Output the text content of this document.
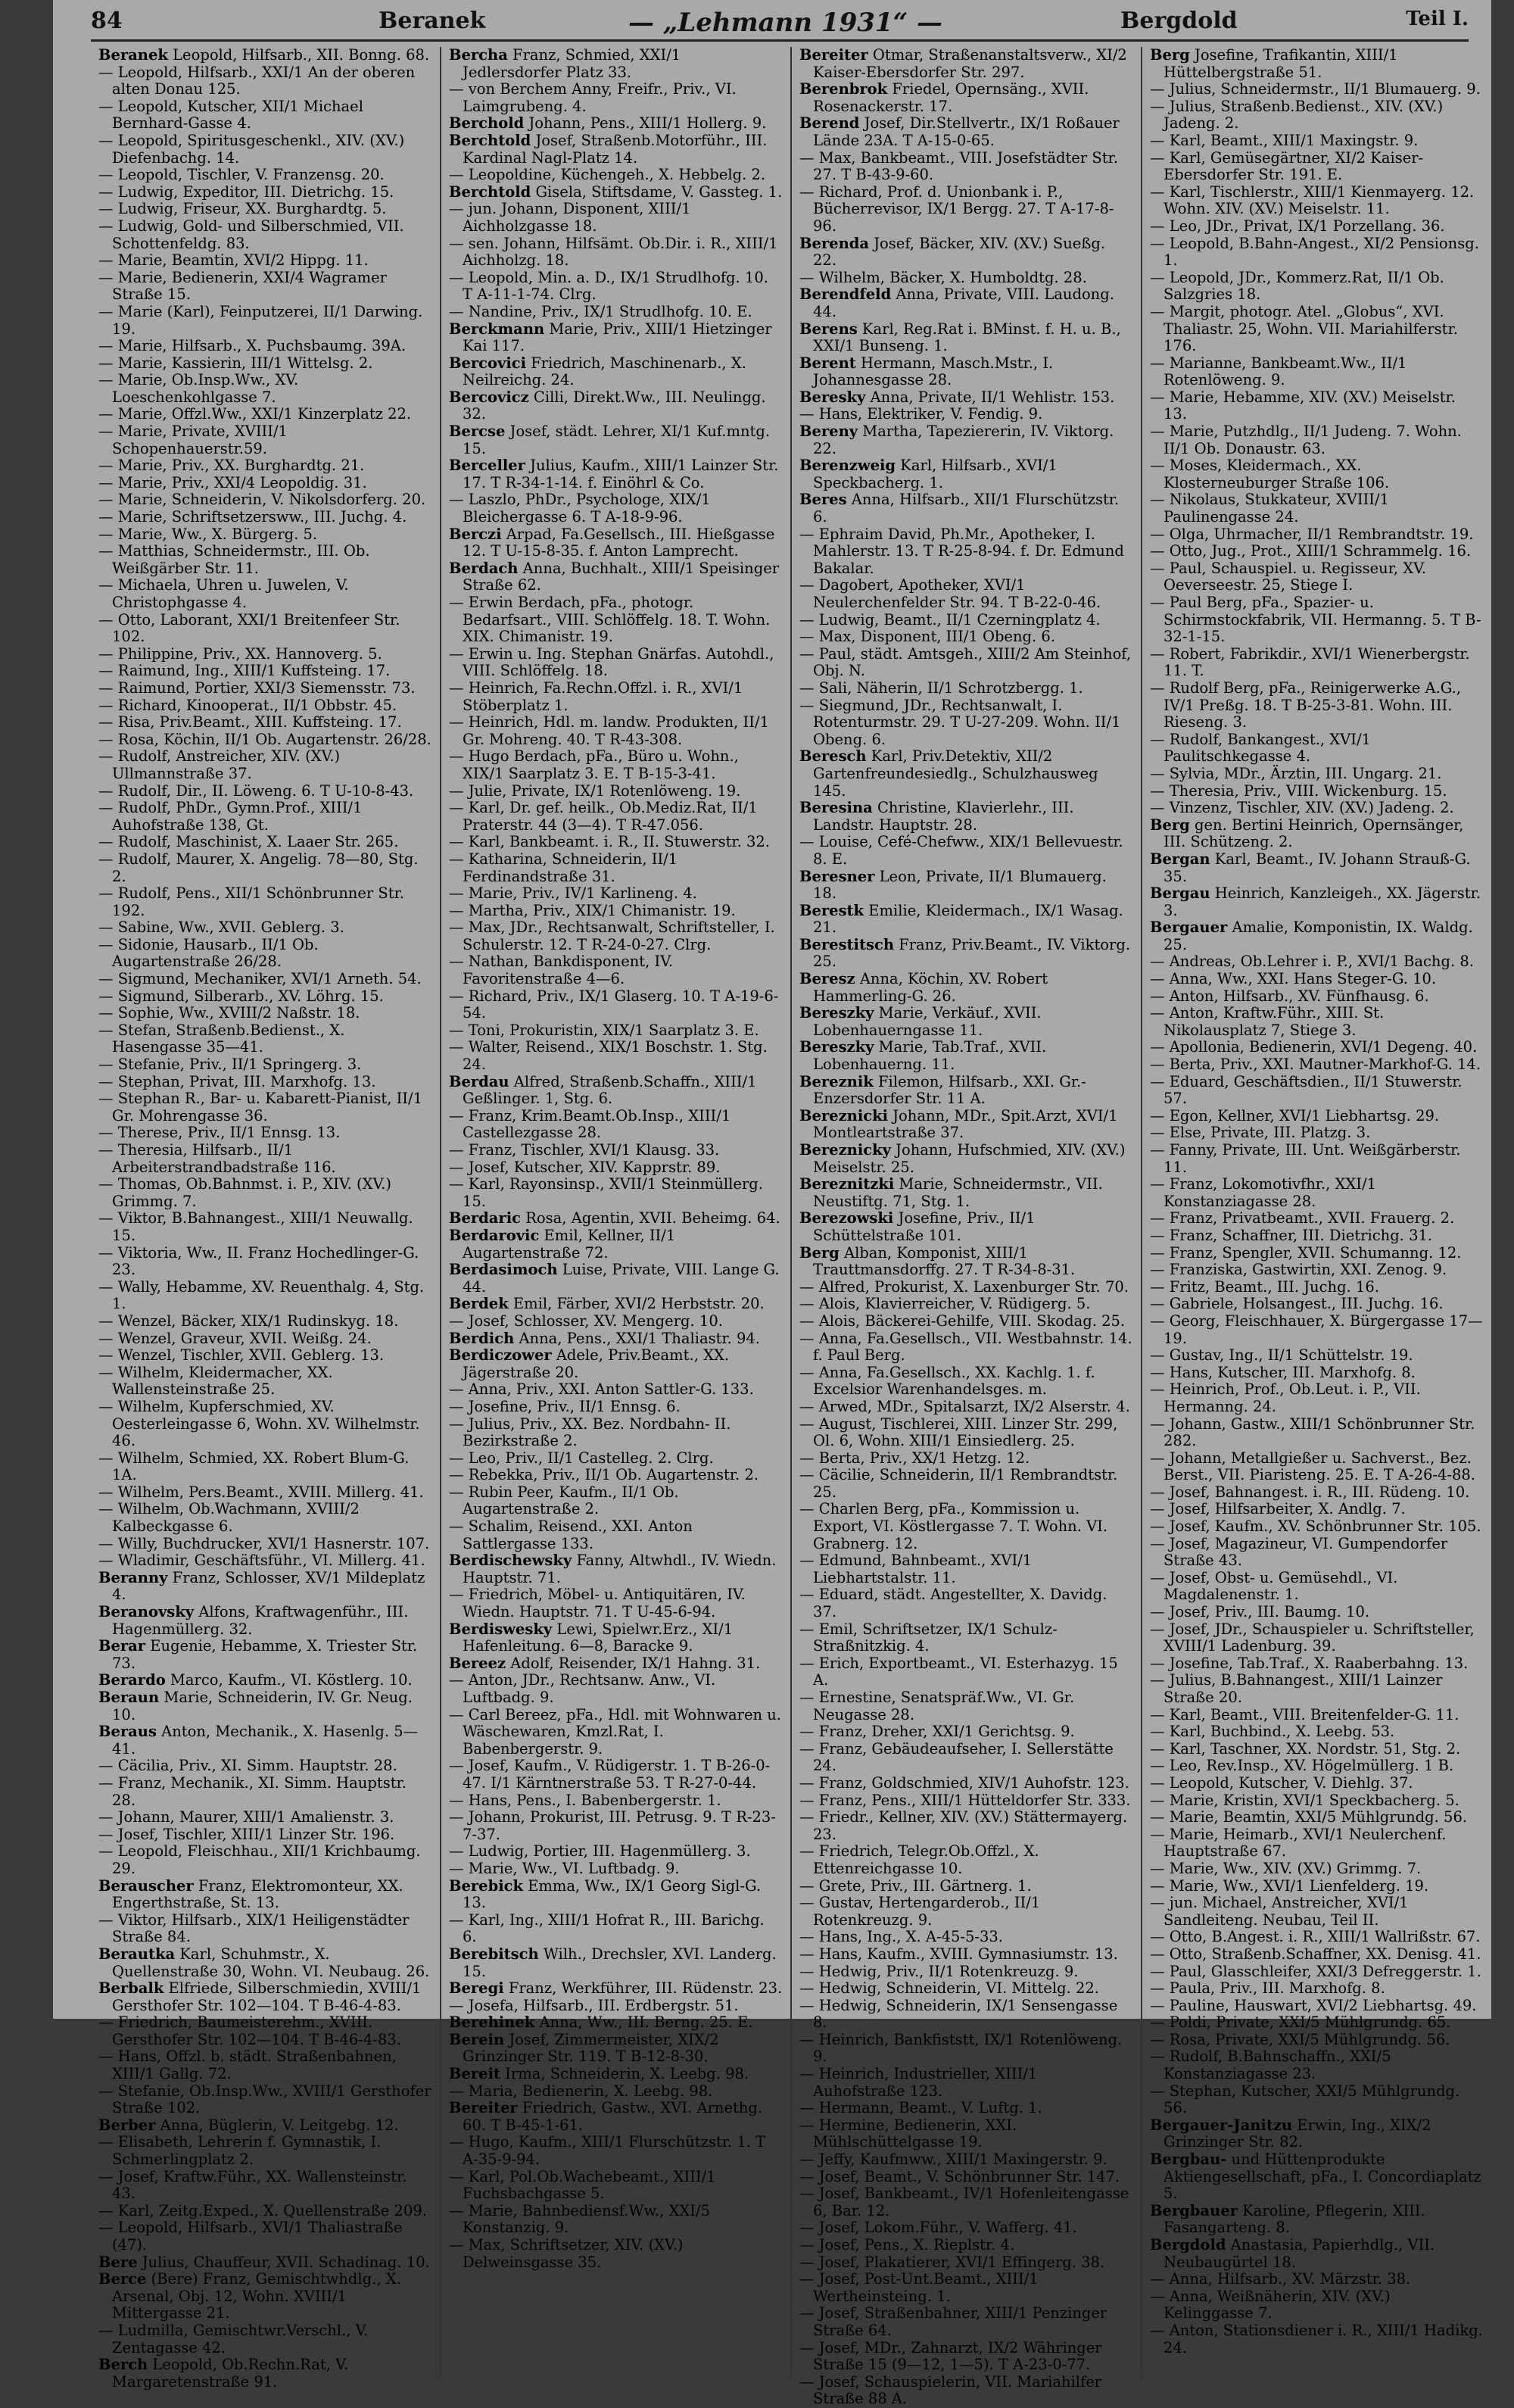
84	Beranek	— „Lehmann 1931“ —	Bergdold	Teil I.
Beranek Leopold, Hilfsarb., XII. Bonng. 68.
— Leopold, Hilfsarb., XXI/1 An der oberen alten Donau 125.
— Leopold, Kutscher, XII/1 Michael Bernhard-Gasse 4.
— Leopold, Spiritusgeschenkl., XIV. (XV.) Diefenbachg. 14.
— Leopold, Tischler, V. Franzensg. 20.
— Ludwig, Expeditor, III. Dietrichg. 15.
— Ludwig, Friseur, XX. Burghardtg. 5.
— Ludwig, Gold- und Silberschmied, VII. Schottenfeldg. 83.
— Marie, Beamtin, XVI/2 Hippg. 11.
— Marie, Bedienerin, XXI/4 Wagramer Straße 15.
— Marie (Karl), Feinputzerei, II/1 Darwing. 19.
— Marie, Hilfsarb., X. Puchsbaumg. 39A.
— Marie, Kassierin, III/1 Wittelsg. 2.
— Marie, Ob.Insp.Ww., XV. Loeschenkohlgasse 7.
— Marie, Offzl.Ww., XXI/1 Kinzerplatz 22.
— Marie, Private, XVIII/1 Schopenhauerstr.59.
— Marie, Priv., XX. Burghardtg. 21.
— Marie, Priv., XXI/4 Leopoldig. 31.
— Marie, Schneiderin, V. Nikolsdorferg. 20.
— Marie, Schriftsetzersww., III. Juchg. 4.
— Marie, Ww., X. Bürgerg. 5.
— Matthias, Schneidermstr., III. Ob. Weißgärber Str. 11.
— Michaela, Uhren u. Juwelen, V. Christophgasse 4.
— Otto, Laborant, XXI/1 Breitenfeer Str. 102.
— Philippine, Priv., XX. Hannoverg. 5.
— Raimund, Ing., XIII/1 Kuffsteing. 17.
— Raimund, Portier, XXI/3 Siemensstr. 73.
— Richard, Kinooperat., II/1 Obbstr. 45.
— Risa, Priv.Beamt., XIII. Kuffsteing. 17.
— Rosa, Köchin, II/1 Ob. Augartenstr. 26/28.
— Rudolf, Anstreicher, XIV. (XV.) Ullmannstraße 37.
— Rudolf, Dir., II. Löweng. 6. T U-10-8-43.
— Rudolf, PhDr., Gymn.Prof., XIII/1 Auhofstraße 138, Gt.
— Rudolf, Maschinist, X. Laaer Str. 265.
— Rudolf, Maurer, X. Angelig. 78—80, Stg. 2.
— Rudolf, Pens., XII/1 Schönbrunner Str. 192.
— Sabine, Ww., XVII. Geblerg. 3.
— Sidonie, Hausarb., II/1 Ob. Augartenstraße 26/28.
— Sigmund, Mechaniker, XVI/1 Arneth. 54.
— Sigmund, Silberarb., XV. Löhrg. 15.
— Sophie, Ww., XVIII/2 Naßstr. 18.
— Stefan, Straßenb.Bedienst., X. Hasengasse 35—41.
— Stefanie, Priv., II/1 Springerg. 3.
— Stephan, Privat, III. Marxhofg. 13.
— Stephan R., Bar- u. Kabarett-Pianist, II/1 Gr. Mohrengasse 36.
— Therese, Priv., II/1 Ennsg. 13.
— Theresia, Hilfsarb., II/1 Arbeiterstrandbadstraße 116.
— Thomas, Ob.Bahnmst. i. P., XIV. (XV.) Grimmg. 7.
— Viktor, B.Bahnangest., XIII/1 Neuwallg. 15.
— Viktoria, Ww., II. Franz Hochedlinger-G. 23.
— Wally, Hebamme, XV. Reuenthalg. 4, Stg. 1.
— Wenzel, Bäcker, XIX/1 Rudinskyg. 18.
— Wenzel, Graveur, XVII. Weißg. 24.
— Wenzel, Tischler, XVII. Geblerg. 13.
— Wilhelm, Kleidermacher, XX. Wallensteinstraße 25.
— Wilhelm, Kupferschmied, XV. Oesterleingasse 6, Wohn. XV. Wilhelmstr. 46.
— Wilhelm, Schmied, XX. Robert Blum-G. 1A.
— Wilhelm, Pers.Beamt., XVIII. Millerg. 41.
— Wilhelm, Ob.Wachmann, XVIII/2 Kalbeckgasse 6.
— Willy, Buchdrucker, XVI/1 Hasnerstr. 107.
— Wladimir, Geschäftsführ., VI. Millerg. 41.
Beranny Franz, Schlosser, XV/1 Mildeplatz 4.
Beranovsky Alfons, Kraftwagenführ., III. Hagenmüllerg. 32.
Berar Eugenie, Hebamme, X. Triester Str. 73.
Berardo Marco, Kaufm., VI. Köstlerg. 10.
Beraun Marie, Schneiderin, IV. Gr. Neug. 10.
Beraus Anton, Mechanik., X. Hasenlg. 5—41.
— Cäcilia, Priv., XI. Simm. Hauptstr. 28.
— Franz, Mechanik., XI. Simm. Hauptstr. 28.
— Johann, Maurer, XIII/1 Amalienstr. 3.
— Josef, Tischler, XIII/1 Linzer Str. 196.
— Leopold, Fleischhau., XII/1 Krichbaumg. 29.
Berauscher Franz, Elektromonteur, XX. Engerthstraße, St. 13.
— Viktor, Hilfsarb., XIX/1 Heiligenstädter Straße 84.
Berautka Karl, Schuhmstr., X. Quellenstraße 30, Wohn. VI. Neubaug. 26.
Berbalk Elfriede, Silberschmiedin, XVIII/1 Gersthofer Str. 102—104. T B-46-4-83.
— Friedrich, Baumeisterehm., XVIII. Gersthofer Str. 102—104. T B-46-4-83.
— Hans, Offzl. b. städt. Straßenbahnen, XIII/1 Gallg. 72.
— Stefanie, Ob.Insp.Ww., XVIII/1 Gersthofer Straße 102.
Berber Anna, Büglerin, V. Leitgebg. 12.
— Elisabeth, Lehrerin f. Gymnastik, I. Schmerlingplatz 2.
— Josef, Kraftw.Führ., XX. Wallensteinstr. 43.
— Karl, Zeitg.Exped., X. Quellenstraße 209.
— Leopold, Hilfsarb., XVI/1 Thaliastraße (47).
Bere Julius, Chauffeur, XVII. Schadinag. 10.
Berce (Bere) Franz, Gemischtwhdlg., X. Arsenal, Obj. 12, Wohn. XVIII/1 Mittergasse 21.
— Ludmilla, Gemischtwr.Verschl., V. Zentagasse 42.
Berch Leopold, Ob.Rechn.Rat, V. Margaretenstraße 91.
Bercha Franz, Schmied, XXI/1 Jedlersdorfer Platz 33.
— von Berchem Anny, Freifr., Priv., VI. Laimgrubeng. 4.
Berchold Johann, Pens., XIII/1 Hollerg. 9.
Berchtold Josef, Straßenb.Motorführ., III. Kardinal Nagl-Platz 14.
— Leopoldine, Küchengeh., X. Hebbelg. 2.
Berchtold Gisela, Stiftsdame, V. Gassteg. 1.
— jun. Johann, Disponent, XIII/1 Aichholzgasse 18.
— sen. Johann, Hilfsämt. Ob.Dir. i. R., XIII/1 Aichholzg. 18.
— Leopold, Min. a. D., IX/1 Strudlhofg. 10. T A-11-1-74. Clrg.
— Nandine, Priv., IX/1 Strudlhofg. 10. E.
Berckmann Marie, Priv., XIII/1 Hietzinger Kai 117.
Bercovici Friedrich, Maschinenarb., X. Neilreichg. 24.
Bercovicz Cilli, Direkt.Ww., III. Neulingg. 32.
Bercse Josef, städt. Lehrer, XI/1 Kuf.mntg. 15.
Berceller Julius, Kaufm., XIII/1 Lainzer Str. 17. T R-34-1-14. f. Einöhrl & Co.
— Laszlo, PhDr., Psychologe, XIX/1 Bleichergasse 6. T A-18-9-96.
Berczi Arpad, Fa.Gesellsch., III. Hießgasse 12. T U-15-8-35. f. Anton Lamprecht.
Berdach Anna, Buchhalt., XIII/1 Speisinger Straße 62.
— Erwin Berdach, pFa., photogr. Bedarfsart., VIII. Schlöffelg. 18. T. Wohn. XIX. Chimanistr. 19.
— Erwin u. Ing. Stephan Gnärfas. Autohdl., VIII. Schlöffelg. 18.
— Heinrich, Fa.Rechn.Offzl. i. R., XVI/1 Stöberplatz 1.
— Heinrich, Hdl. m. landw. Produkten, II/1 Gr. Mohreng. 40. T R-43-308.
— Hugo Berdach, pFa., Büro u. Wohn., XIX/1 Saarplatz 3. E. T B-15-3-41.
— Julie, Private, IX/1 Rotenlöweng. 19.
— Karl, Dr. gef. heilk., Ob.Mediz.Rat, II/1 Praterstr. 44 (3—4). T R-47.056.
— Karl, Bankbeamt. i. R., II. Stuwerstr. 32.
— Katharina, Schneiderin, II/1 Ferdinandstraße 31.
— Marie, Priv., IV/1 Karlineng. 4.
— Martha, Priv., XIX/1 Chimanistr. 19.
— Max, JDr., Rechtsanwalt, Schriftsteller, I. Schulerstr. 12. T R-24-0-27. Clrg.
— Nathan, Bankdisponent, IV. Favoritenstraße 4—6.
— Richard, Priv., IX/1 Glaserg. 10. T A-19-6-54.
— Toni, Prokuristin, XIX/1 Saarplatz 3. E.
— Walter, Reisend., XIX/1 Boschstr. 1. Stg. 24.
Berdau Alfred, Straßenb.Schaffn., XIII/1 Geßlinger. 1, Stg. 6.
— Franz, Krim.Beamt.Ob.Insp., XIII/1 Castellezgasse 28.
— Franz, Tischler, XVI/1 Klausg. 33.
— Josef, Kutscher, XIV. Kapprstr. 89.
— Karl, Rayonsinsp., XVII/1 Steinmüllerg. 15.
Berdaric Rosa, Agentin, XVII. Beheimg. 64.
Berdarovic Emil, Kellner, II/1 Augartenstraße 72.
Berdasimoch Luise, Private, VIII. Lange G. 44.
Berdek Emil, Färber, XVI/2 Herbststr. 20.
— Josef, Schlosser, XV. Mengerg. 10.
Berdich Anna, Pens., XXI/1 Thaliastr. 94.
Berdiczower Adele, Priv.Beamt., XX. Jägerstraße 20.
— Anna, Priv., XXI. Anton Sattler-G. 133.
— Josefine, Priv., II/1 Ennsg. 6.
— Julius, Priv., XX. Bez. Nordbahn- II. Bezirkstraße 2.
— Leo, Priv., II/1 Castelleg. 2. Clrg.
— Rebekka, Priv., II/1 Ob. Augartenstr. 2.
— Rubin Peer, Kaufm., II/1 Ob. Augartenstraße 2.
— Schalim, Reisend., XXI. Anton Sattlergasse 133.
Berdischewsky Fanny, Altwhdl., IV. Wiedn. Hauptstr. 71.
— Friedrich, Möbel- u. Antiquitären, IV. Wiedn. Hauptstr. 71. T U-45-6-94.
Berdiswesky Lewi, Spielwr.Erz., XI/1 Hafenleitung. 6—8, Baracke 9.
Bereez Adolf, Reisender, IX/1 Hahng. 31.
— Anton, JDr., Rechtsanw. Anw., VI. Luftbadg. 9.
— Carl Bereez, pFa., Hdl. mit Wohnwaren u. Wäschewaren, Kmzl.Rat, I. Babenbergerstr. 9.
— Josef, Kaufm., V. Rüdigerstr. 1. T B-26-0-47. I/1 Kärntnerstraße 53. T R-27-0-44.
— Hans, Pens., I. Babenbergerstr. 1.
— Johann, Prokurist, III. Petrusg. 9. T R-23-7-37.
— Ludwig, Portier, III. Hagenmüllerg. 3.
— Marie, Ww., VI. Luftbadg. 9.
Berebick Emma, Ww., IX/1 Georg Sigl-G. 13.
— Karl, Ing., XIII/1 Hofrat R., III. Barichg. 6.
Berebitsch Wilh., Drechsler, XVI. Landerg. 15.
Beregi Franz, Werkführer, III. Rüdenstr. 23.
— Josefa, Hilfsarb., III. Erdbergstr. 51.
Berehinek Anna, Ww., III. Berng. 25. E.
Berein Josef, Zimmermeister, XIX/2 Grinzinger Str. 119. T B-12-8-30.
Bereit Irma, Schneiderin, X. Leebg. 98.
— Maria, Bedienerin, X. Leebg. 98.
Bereiter Friedrich, Gastw., XVI. Arnethg. 60. T B-45-1-61.
— Hugo, Kaufm., XIII/1 Flurschützstr. 1. T A-35-9-94.
— Karl, Pol.Ob.Wachebeamt., XIII/1 Fuchsbachgasse 5.
— Marie, Bahnbediensf.Ww., XXI/5 Konstanzig. 9.
— Max, Schriftsetzer, XIV. (XV.) Delweinsgasse 35.
Bereiter Otmar, Straßenanstaltsverw., XI/2 Kaiser-Ebersdorfer Str. 297.
Berenbrok Friedel, Opernsäng., XVII. Rosenackerstr. 17.
Berend Josef, Dir.Stellvertr., IX/1 Roßauer Lände 23A. T A-15-0-65.
— Max, Bankbeamt., VIII. Josefstädter Str. 27. T B-43-9-60.
— Richard, Prof. d. Unionbank i. P., Bücherrevisor, IX/1 Bergg. 27. T A-17-8-96.
Berenda Josef, Bäcker, XIV. (XV.) Sueßg. 22.
— Wilhelm, Bäcker, X. Humboldtg. 28.
Berendfeld Anna, Private, VIII. Laudong. 44.
Berens Karl, Reg.Rat i. BMinst. f. H. u. B., XXI/1 Bunseng. 1.
Berent Hermann, Masch.Mstr., I. Johannesgasse 28.
Beresky Anna, Private, II/1 Wehlistr. 153.
— Hans, Elektriker, V. Fendig. 9.
Bereny Martha, Tapeziererin, IV. Viktorg. 22.
Berenzweig Karl, Hilfsarb., XVI/1 Speckbacherg. 1.
Beres Anna, Hilfsarb., XII/1 Flurschützstr. 6.
— Ephraim David, Ph.Mr., Apotheker, I. Mahlerstr. 13. T R-25-8-94. f. Dr. Edmund Bakalar.
— Dagobert, Apotheker, XVI/1 Neulerchenfelder Str. 94. T B-22-0-46.
— Ludwig, Beamt., II/1 Czerningplatz 4.
— Max, Disponent, III/1 Obeng. 6.
— Paul, städt. Amtsgeh., XIII/2 Am Steinhof, Obj. N.
— Sali, Näherin, II/1 Schrotzbergg. 1.
— Siegmund, JDr., Rechtsanwalt, I. Rotenturmstr. 29. T U-27-209. Wohn. II/1 Obeng. 6.
Beresch Karl, Priv.Detektiv, XII/2 Gartenfreundesiedlg., Schulzhausweg 145.
Beresina Christine, Klavierlehr., III. Landstr. Hauptstr. 28.
— Louise, Cefé-Chefww., XIX/1 Bellevuestr. 8. E.
Beresner Leon, Private, II/1 Blumauerg. 18.
Berestk Emilie, Kleidermach., IX/1 Wasag. 21.
Berestitsch Franz, Priv.Beamt., IV. Viktorg. 25.
Beresz Anna, Köchin, XV. Robert Hammerling-G. 26.
Bereszky Marie, Verkäuf., XVII. Lobenhauerngasse 11.
Bereszky Marie, Tab.Traf., XVII. Lobenhauerng. 11.
Bereznik Filemon, Hilfsarb., XXI. Gr.-Enzersdorfer Str. 11 A.
Bereznicki Johann, MDr., Spit.Arzt, XVI/1 Montleartstraße 37.
Bereznicky Johann, Hufschmied, XIV. (XV.) Meiselstr. 25.
Bereznitzki Marie, Schneidermstr., VII. Neustiftg. 71, Stg. 1.
Berezowski Josefine, Priv., II/1 Schüttelstraße 101.
Berg Alban, Komponist, XIII/1 Trauttmansdorffg. 27. T R-34-8-31.
— Alfred, Prokurist, X. Laxenburger Str. 70.
— Alois, Klavierreicher, V. Rüdigerg. 5.
— Alois, Bäckerei-Gehilfe, VIII. Skodag. 25.
— Anna, Fa.Gesellsch., VII. Westbahnstr. 14. f. Paul Berg.
— Anna, Fa.Gesellsch., XX. Kachlg. 1. f. Excelsior Warenhandelsges. m.
— Arwed, MDr., Spitalsarzt, IX/2 Alserstr. 4.
— August, Tischlerei, XIII. Linzer Str. 299, Ol. 6, Wohn. XIII/1 Einsiedlerg. 25.
— Berta, Priv., XX/1 Hetzg. 12.
— Cäcilie, Schneiderin, II/1 Rembrandtstr. 25.
— Charlen Berg, pFa., Kommission u. Export, VI. Köstlergasse 7. T. Wohn. VI. Grabnerg. 12.
— Edmund, Bahnbeamt., XVI/1 Liebhartstalstr. 11.
— Eduard, städt. Angestellter, X. Davidg. 37.
— Emil, Schriftsetzer, IX/1 Schulz-Straßnitzkig. 4.
— Erich, Exportbeamt., VI. Esterhazyg. 15 A.
— Ernestine, Senatspräf.Ww., VI. Gr. Neugasse 28.
— Franz, Dreher, XXI/1 Gerichtsg. 9.
— Franz, Gebäudeaufseher, I. Sellerstätte 24.
— Franz, Goldschmied, XIV/1 Auhofstr. 123.
— Franz, Pens., XIII/1 Hütteldorfer Str. 333.
— Friedr., Kellner, XIV. (XV.) Stättermayerg. 23.
— Friedrich, Telegr.Ob.Offzl., X. Ettenreichgasse 10.
— Grete, Priv., III. Gärtnerg. 1.
— Gustav, Hertengarderob., II/1 Rotenkreuzg. 9.
— Hans, Ing., X. A-45-5-33.
— Hans, Kaufm., XVIII. Gymnasiumstr. 13.
— Hedwig, Priv., II/1 Rotenkreuzg. 9.
— Hedwig, Schneiderin, VI. Mittelg. 22.
— Hedwig, Schneiderin, IX/1 Sensengasse 8.
— Heinrich, Bankfiststt, IX/1 Rotenlöweng. 9.
— Heinrich, Industrieller, XIII/1 Auhofstraße 123.
— Hermann, Beamt., V. Luftg. 1.
— Hermine, Bedienerin, XXI. Mühlschüttelgasse 19.
— Jeffy, Kaufmww., XIII/1 Maxingerstr. 9.
— Josef, Beamt., V. Schönbrunner Str. 147.
— Josef, Bankbeamt., IV/1 Hofenleitengasse 6, Bar. 12.
— Josef, Lokom.Führ., V. Wafferg. 41.
— Josef, Pens., X. Rieplstr. 4.
— Josef, Plakatierer, XVI/1 Effingerg. 38.
— Josef, Post-Unt.Beamt., XIII/1 Wertheinsteing. 1.
— Josef, Straßenbahner, XIII/1 Penzinger Straße 64.
— Josef, MDr., Zahnarzt, IX/2 Währinger Straße 15 (9—12, 1—5). T A-23-0-77.
— Josef, Schauspielerin, VII. Mariahilfer Straße 88 A.
Berg Josefine, Trafikantin, XIII/1 Hüttelbergstraße 51.
— Julius, Schneidermstr., II/1 Blumauerg. 9.
— Julius, Straßenb.Bedienst., XIV. (XV.) Jadeng. 2.
— Karl, Beamt., XIII/1 Maxingstr. 9.
— Karl, Gemüsegärtner, XI/2 Kaiser-Ebersdorfer Str. 191. E.
— Karl, Tischlerstr., XIII/1 Kienmayerg. 12. Wohn. XIV. (XV.) Meiselstr. 11.
— Leo, JDr., Privat, IX/1 Porzellang. 36.
— Leopold, B.Bahn-Angest., XI/2 Pensionsg. 1.
— Leopold, JDr., Kommerz.Rat, II/1 Ob. Salzgries 18.
— Margit, photogr. Atel. „Globus“, XVI. Thaliastr. 25, Wohn. VII. Mariahilferstr. 176.
— Marianne, Bankbeamt.Ww., II/1 Rotenlöweng. 9.
— Marie, Hebamme, XIV. (XV.) Meiselstr. 13.
— Marie, Putzhdlg., II/1 Judeng. 7. Wohn. II/1 Ob. Donaustr. 63.
— Moses, Kleidermach., XX. Klosterneuburger Straße 106.
— Nikolaus, Stukkateur, XVIII/1 Paulinengasse 24.
— Olga, Uhrmacher, II/1 Rembrandtstr. 19.
— Otto, Jug., Prot., XIII/1 Schrammelg. 16.
— Paul, Schauspiel. u. Regisseur, XV. Oeverseestr. 25, Stiege I.
— Paul Berg, pFa., Spazier- u. Schirmstockfabrik, VII. Hermanng. 5. T B-32-1-15.
— Robert, Fabrikdir., XVI/1 Wienerbergstr. 11. T.
— Rudolf Berg, pFa., Reinigerwerke A.G., IV/1 Preßg. 18. T B-25-3-81. Wohn. III. Rieseng. 3.
— Rudolf, Bankangest., XVI/1 Paulitschkegasse 4.
— Sylvia, MDr., Ärztin, III. Ungarg. 21.
— Theresia, Priv., VIII. Wickenburg. 15.
— Vinzenz, Tischler, XIV. (XV.) Jadeng. 2.
Berg gen. Bertini Heinrich, Opernsänger, III. Schützeng. 2.
Bergan Karl, Beamt., IV. Johann Strauß-G. 35.
Bergau Heinrich, Kanzleigeh., XX. Jägerstr. 3.
Bergauer Amalie, Komponistin, IX. Waldg. 25.
— Andreas, Ob.Lehrer i. P., XVI/1 Bachg. 8.
— Anna, Ww., XXI. Hans Steger-G. 10.
— Anton, Hilfsarb., XV. Fünfhausg. 6.
— Anton, Kraftw.Führ., XIII. St. Nikolausplatz 7, Stiege 3.
— Apollonia, Bedienerin, XVI/1 Degeng. 40.
— Berta, Priv., XXI. Mautner-Markhof-G. 14.
— Eduard, Geschäftsdien., II/1 Stuwerstr. 57.
— Egon, Kellner, XVI/1 Liebhartsg. 29.
— Else, Private, III. Platzg. 3.
— Fanny, Private, III. Unt. Weißgärberstr. 11.
— Franz, Lokomotivfhr., XXI/1 Konstanziagasse 28.
— Franz, Privatbeamt., XVII. Frauerg. 2.
— Franz, Schaffner, III. Dietrichg. 31.
— Franz, Spengler, XVII. Schumanng. 12.
— Franziska, Gastwirtin, XXI. Zenog. 9.
— Fritz, Beamt., III. Juchg. 16.
— Gabriele, Holsangest., III. Juchg. 16.
— Georg, Fleischhauer, X. Bürgergasse 17—19.
— Gustav, Ing., II/1 Schüttelstr. 19.
— Hans, Kutscher, III. Marxhofg. 8.
— Heinrich, Prof., Ob.Leut. i. P., VII. Hermanng. 24.
— Johann, Gastw., XIII/1 Schönbrunner Str. 282.
— Johann, Metallgießer u. Sachverst., Bez. Berst., VII. Piaristeng. 25. E. T A-26-4-88.
— Josef, Bahnangest. i. R., III. Rüdeng. 10.
— Josef, Hilfsarbeiter, X. Andlg. 7.
— Josef, Kaufm., XV. Schönbrunner Str. 105.
— Josef, Magazineur, VI. Gumpendorfer Straße 43.
— Josef, Obst- u. Gemüsehdl., VI. Magdalenenstr. 1.
— Josef, Priv., III. Baumg. 10.
— Josef, JDr., Schauspieler u. Schriftsteller, XVIII/1 Ladenburg. 39.
— Josefine, Tab.Traf., X. Raaberbahng. 13.
— Julius, B.Bahnangest., XIII/1 Lainzer Straße 20.
— Karl, Beamt., VIII. Breitenfelder-G. 11.
— Karl, Buchbind., X. Leebg. 53.
— Karl, Taschner, XX. Nordstr. 51, Stg. 2.
— Leo, Rev.Insp., XV. Högelmüllerg. 1 B.
— Leopold, Kutscher, V. Diehlg. 37.
— Marie, Kristin, XVI/1 Speckbacherg. 5.
— Marie, Beamtin, XXI/5 Mühlgrundg. 56.
— Marie, Heimarb., XVI/1 Neulerchenf. Hauptstraße 67.
— Marie, Ww., XIV. (XV.) Grimmg. 7.
— Marie, Ww., XVI/1 Lienfelderg. 19.
— jun. Michael, Anstreicher, XVI/1 Sandleiteng. Neubau, Teil II.
— Otto, B.Angest. i. R., XIII/1 Wallrißstr. 67.
— Otto, Straßenb.Schaffner, XX. Denisg. 41.
— Paul, Glasschleifer, XXI/3 Defreggerstr. 1.
— Paula, Priv., III. Marxhofg. 8.
— Pauline, Hauswart, XVI/2 Liebhartsg. 49.
— Poldi, Private, XXI/5 Mühlgrundg. 65.
— Rosa, Private, XXI/5 Mühlgrundg. 56.
— Rudolf, B.Bahnschaffn., XXI/5 Konstanziagasse 23.
— Stephan, Kutscher, XXI/5 Mühlgrundg. 56.
Bergauer-Janitzu Erwin, Ing., XIX/2 Grinzinger Str. 82.
Bergbau- und Hüttenprodukte Aktiengesellschaft, pFa., I. Concordiaplatz 5.
Bergbauer Karoline, Pflegerin, XIII. Fasangarteng. 8.
Bergdold Anastasia, Papierhdlg., VII. Neubaugürtel 18.
— Anna, Hilfsarb., XV. Märzstr. 38.
— Anna, Weißnäherin, XIV. (XV.) Kelinggasse 7.
— Anton, Stationsdiener i. R., XIII/1 Hadikg. 24.
